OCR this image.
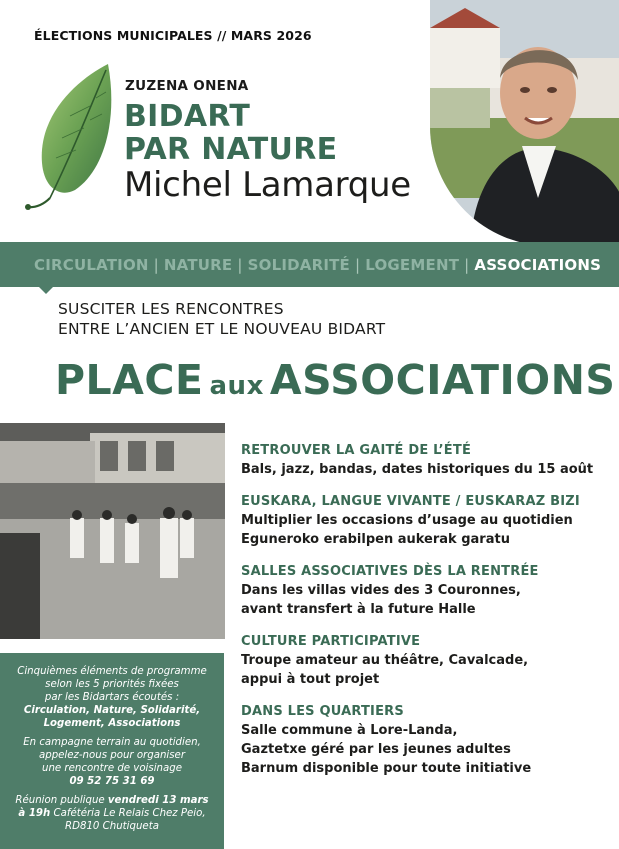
ÉLECTIONS MUNICIPALES // MARS 2026
ZUZENA ONENA
BIDART
PAR NATURE
Michel Lamarque
CIRCULATION | NATURE | SOLIDARITÉ | LOGEMENT | ASSOCIATIONS
SUSCITER LES RENCONTRES
ENTRE L’ANCIEN ET LE NOUVEAU BIDART
PLACE aux ASSOCIATIONS

Cinquièmes éléments de programme

selon les 5 priorités fixées

par les Bidartars écoutés :

Circulation, Nature, Solidarité,

Logement, Associations

En campagne terrain au quotidien,

appelez-nous pour organiser

une rencontre de voisinage

09 52 75 31 69

Réunion publique vendredi 13 mars

à 19h Cafétéria Le Relais Chez Peio,

RD810 Chutiqueta

RETROUVER LA GAITÉ DE L’ÉTÉ
Bals, jazz, bandas, dates historiques du 15 août
EUSKARA, LANGUE VIVANTE / EUSKARAZ BIZI
Multiplier les occasions d’usage au quotidien
Eguneroko erabilpen aukerak garatu
SALLES ASSOCIATIVES DÈS LA RENTRÉE
Dans les villas vides des 3 Couronnes,
avant transfert à la future Halle
CULTURE PARTICIPATIVE
Troupe amateur au théâtre, Cavalcade,
appui à tout projet
DANS LES QUARTIERS
Salle commune à Lore-Landa,
Gaztetxe géré par les jeunes adultes
Barnum disponible pour toute initiative
